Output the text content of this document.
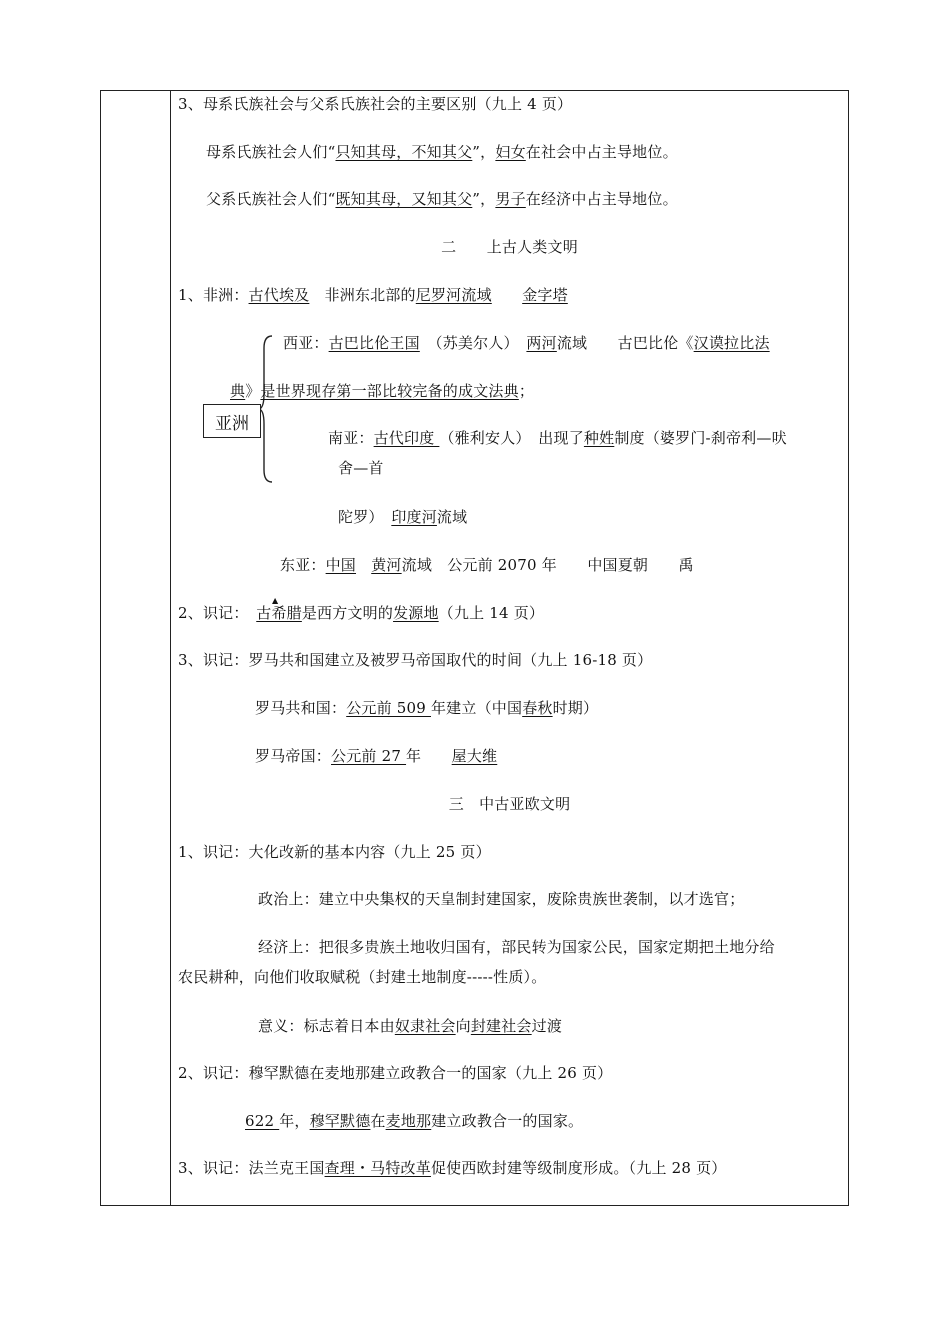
3、母系氏族社会与父系氏族社会的主要区别（九上 4 页）
母系氏族社会人们“只知其母，不知其父”，妇女在社会中占主导地位。
父系氏族社会人们“既知其母，又知其父”，男子在经济中占主导地位。
二　　上古人类文明
1、非洲：古代埃及　非洲东北部的尼罗河流域　　 金字塔
亚洲
西亚：古巴比伦王国　（苏美尔人）　两河流域　　古巴比伦《汉谟拉比法
典》是世界现存第一部比较完备的成文法典；
南亚：古代印度 （雅利安人）　出现了种姓制度（婆罗门-刹帝利—吠
舍—首
陀罗）　印度河流域
东亚：中国　 黄河流域　公元前 2070 年　　中国夏朝　　禹
▲
2、识记：　古希腊是西方文明的发源地（九上 14 页）
3、识记：罗马共和国建立及被罗马帝国取代的时间（九上 16-18 页）
罗马共和国：公元前 509 年建立（中国春秋时期）
罗马帝国：公元前 27 年　　屋大维
三　中古亚欧文明
1、识记：大化改新的基本内容（九上 25 页）
政治上：建立中央集权的天皇制封建国家，废除贵族世袭制，以才选官；
经济上：把很多贵族土地收归国有，部民转为国家公民，国家定期把土地分给
农民耕种，向他们收取赋税（封建土地制度-----性质）。
意义：标志着日本由奴隶社会向封建社会过渡
2、识记：穆罕默德在麦地那建立政教合一的国家（九上 26 页）
622 年，穆罕默德在麦地那建立政教合一的国家。
3、识记：法兰克王国查理・马特改革促使西欧封建等级制度形成。（九上 28 页）
